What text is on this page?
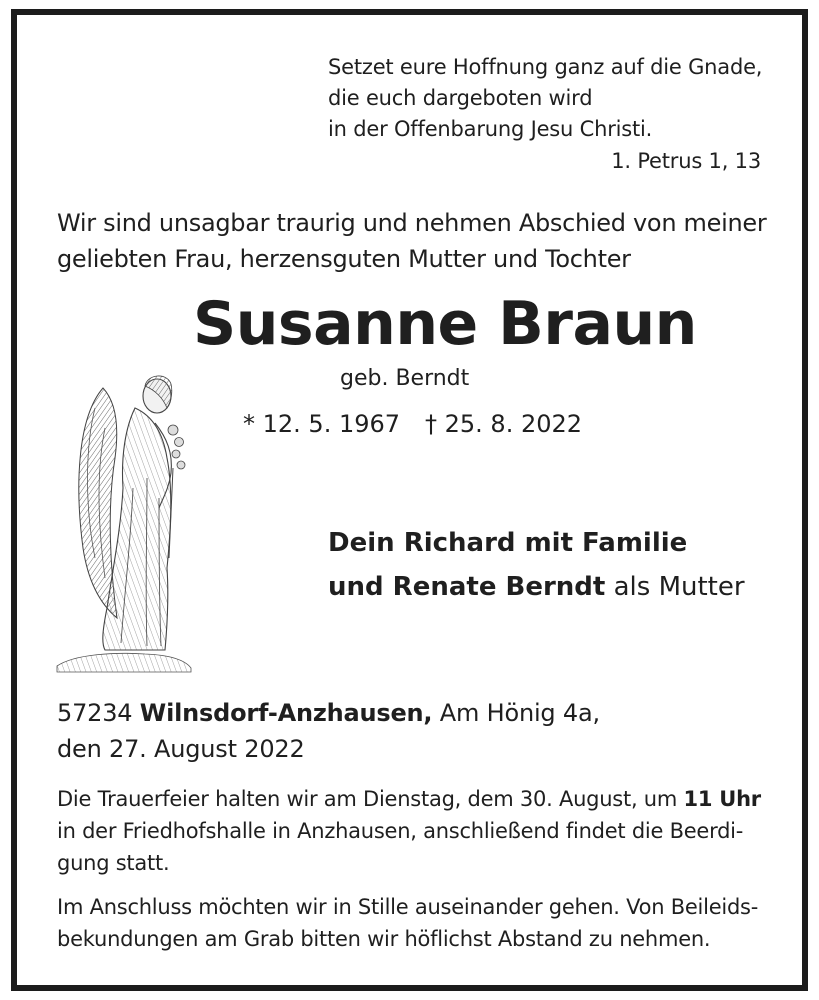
Setzet eure Hoffnung ganz auf die Gnade,
die euch dargeboten wird
in der Offenbarung Jesu Christi.
1. Petrus 1, 13
Wir sind unsagbar traurig und nehmen Abschied von meiner
geliebten Frau, herzensguten Mutter und Tochter
Susanne Braun
geb. Berndt
* 12. 5. 1967 † 25. 8. 2022
Dein Richard mit Familie
und Renate Berndt als Mutter
57234 Wilnsdorf-Anzhausen, Am Hönig 4a,
den 27. August 2022
Die Trauerfeier halten wir am Dienstag, dem 30. August, um 11 Uhr
in der Friedhofshalle in Anzhausen, anschließend findet die Beerdi-
gung statt.
Im Anschluss möchten wir in Stille auseinander gehen. Von Beileids-
bekundungen am Grab bitten wir höflichst Abstand zu nehmen.
